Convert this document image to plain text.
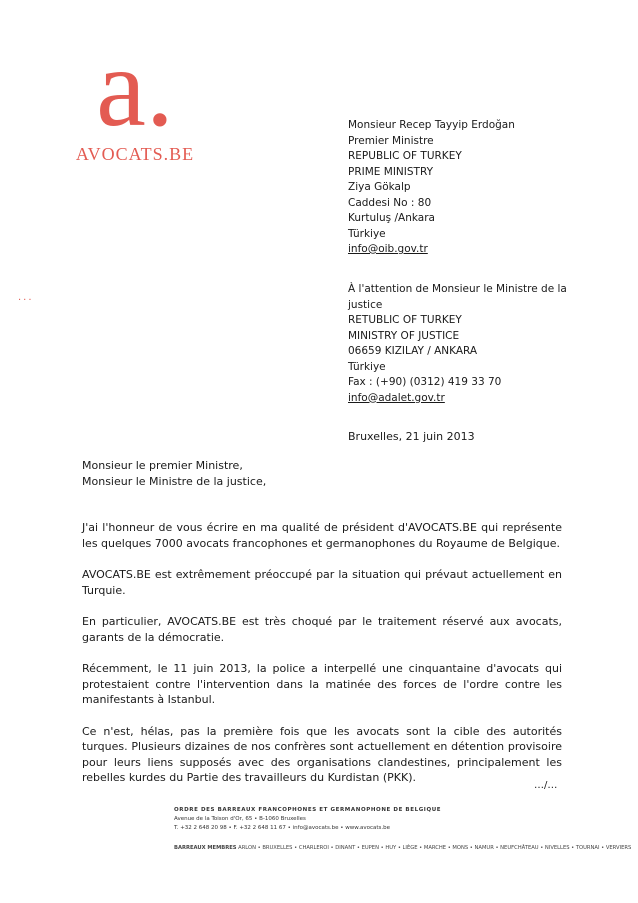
a.
AVOCATS.BE
...
Monsieur Recep Tayyip Erdoğan
Premier Ministre
REPUBLIC OF TURKEY
PRIME MINISTRY
Ziya Gökalp
Caddesi No : 80
Kurtuluş /Ankara
Türkiye
info@oib.gov.tr
À l'attention de Monsieur le Ministre de la justice
RETUBLIC OF TURKEY
MINISTRY OF JUSTICE
06659 KIZILAY / ANKARA
Türkiye
Fax : (+90) (0312) 419 33 70
info@adalet.gov.tr
Bruxelles, 21 juin 2013
Monsieur le premier Ministre,
Monsieur le Ministre de la justice,

J'ai l'honneur de vous écrire en ma qualité de président d'AVOCATS.BE qui représente les quelques 7000 avocats francophones et germanophones du Royaume de Belgique.

AVOCATS.BE est extrêmement préoccupé par la situation qui prévaut actuellement en Turquie.

En particulier, AVOCATS.BE est très choqué par le traitement réservé aux avocats, garants de la démocratie.

Récemment, le 11 juin 2013, la police a interpellé une cinquantaine d'avocats qui protestaient contre l'intervention dans la matinée des forces de l'ordre contre les manifestants à Istanbul.

Ce n'est, hélas, pas la première fois que les avocats sont la cible des autorités turques. Plusieurs dizaines de nos confrères sont actuellement en détention provisoire pour leurs liens supposés avec des organisations clandestines, principalement les rebelles kurdes du Partie des travailleurs du Kurdistan (PKK).

…/…
ORDRE DES BARREAUX FRANCOPHONES ET GERMANOPHONE DE BELGIQUE
Avenue de la Toison d'Or, 65 • B-1060 Bruxelles
T. +32 2 648 20 98 • F. +32 2 648 11 67 • info@avocats.be • www.avocats.be
BARREAUX MEMBRES ARLON • BRUXELLES • CHARLEROI • DINANT • EUPEN • HUY • LIÈGE • MARCHE • MONS • NAMUR • NEUFCHÂTEAU • NIVELLES • TOURNAI • VERVIERS
